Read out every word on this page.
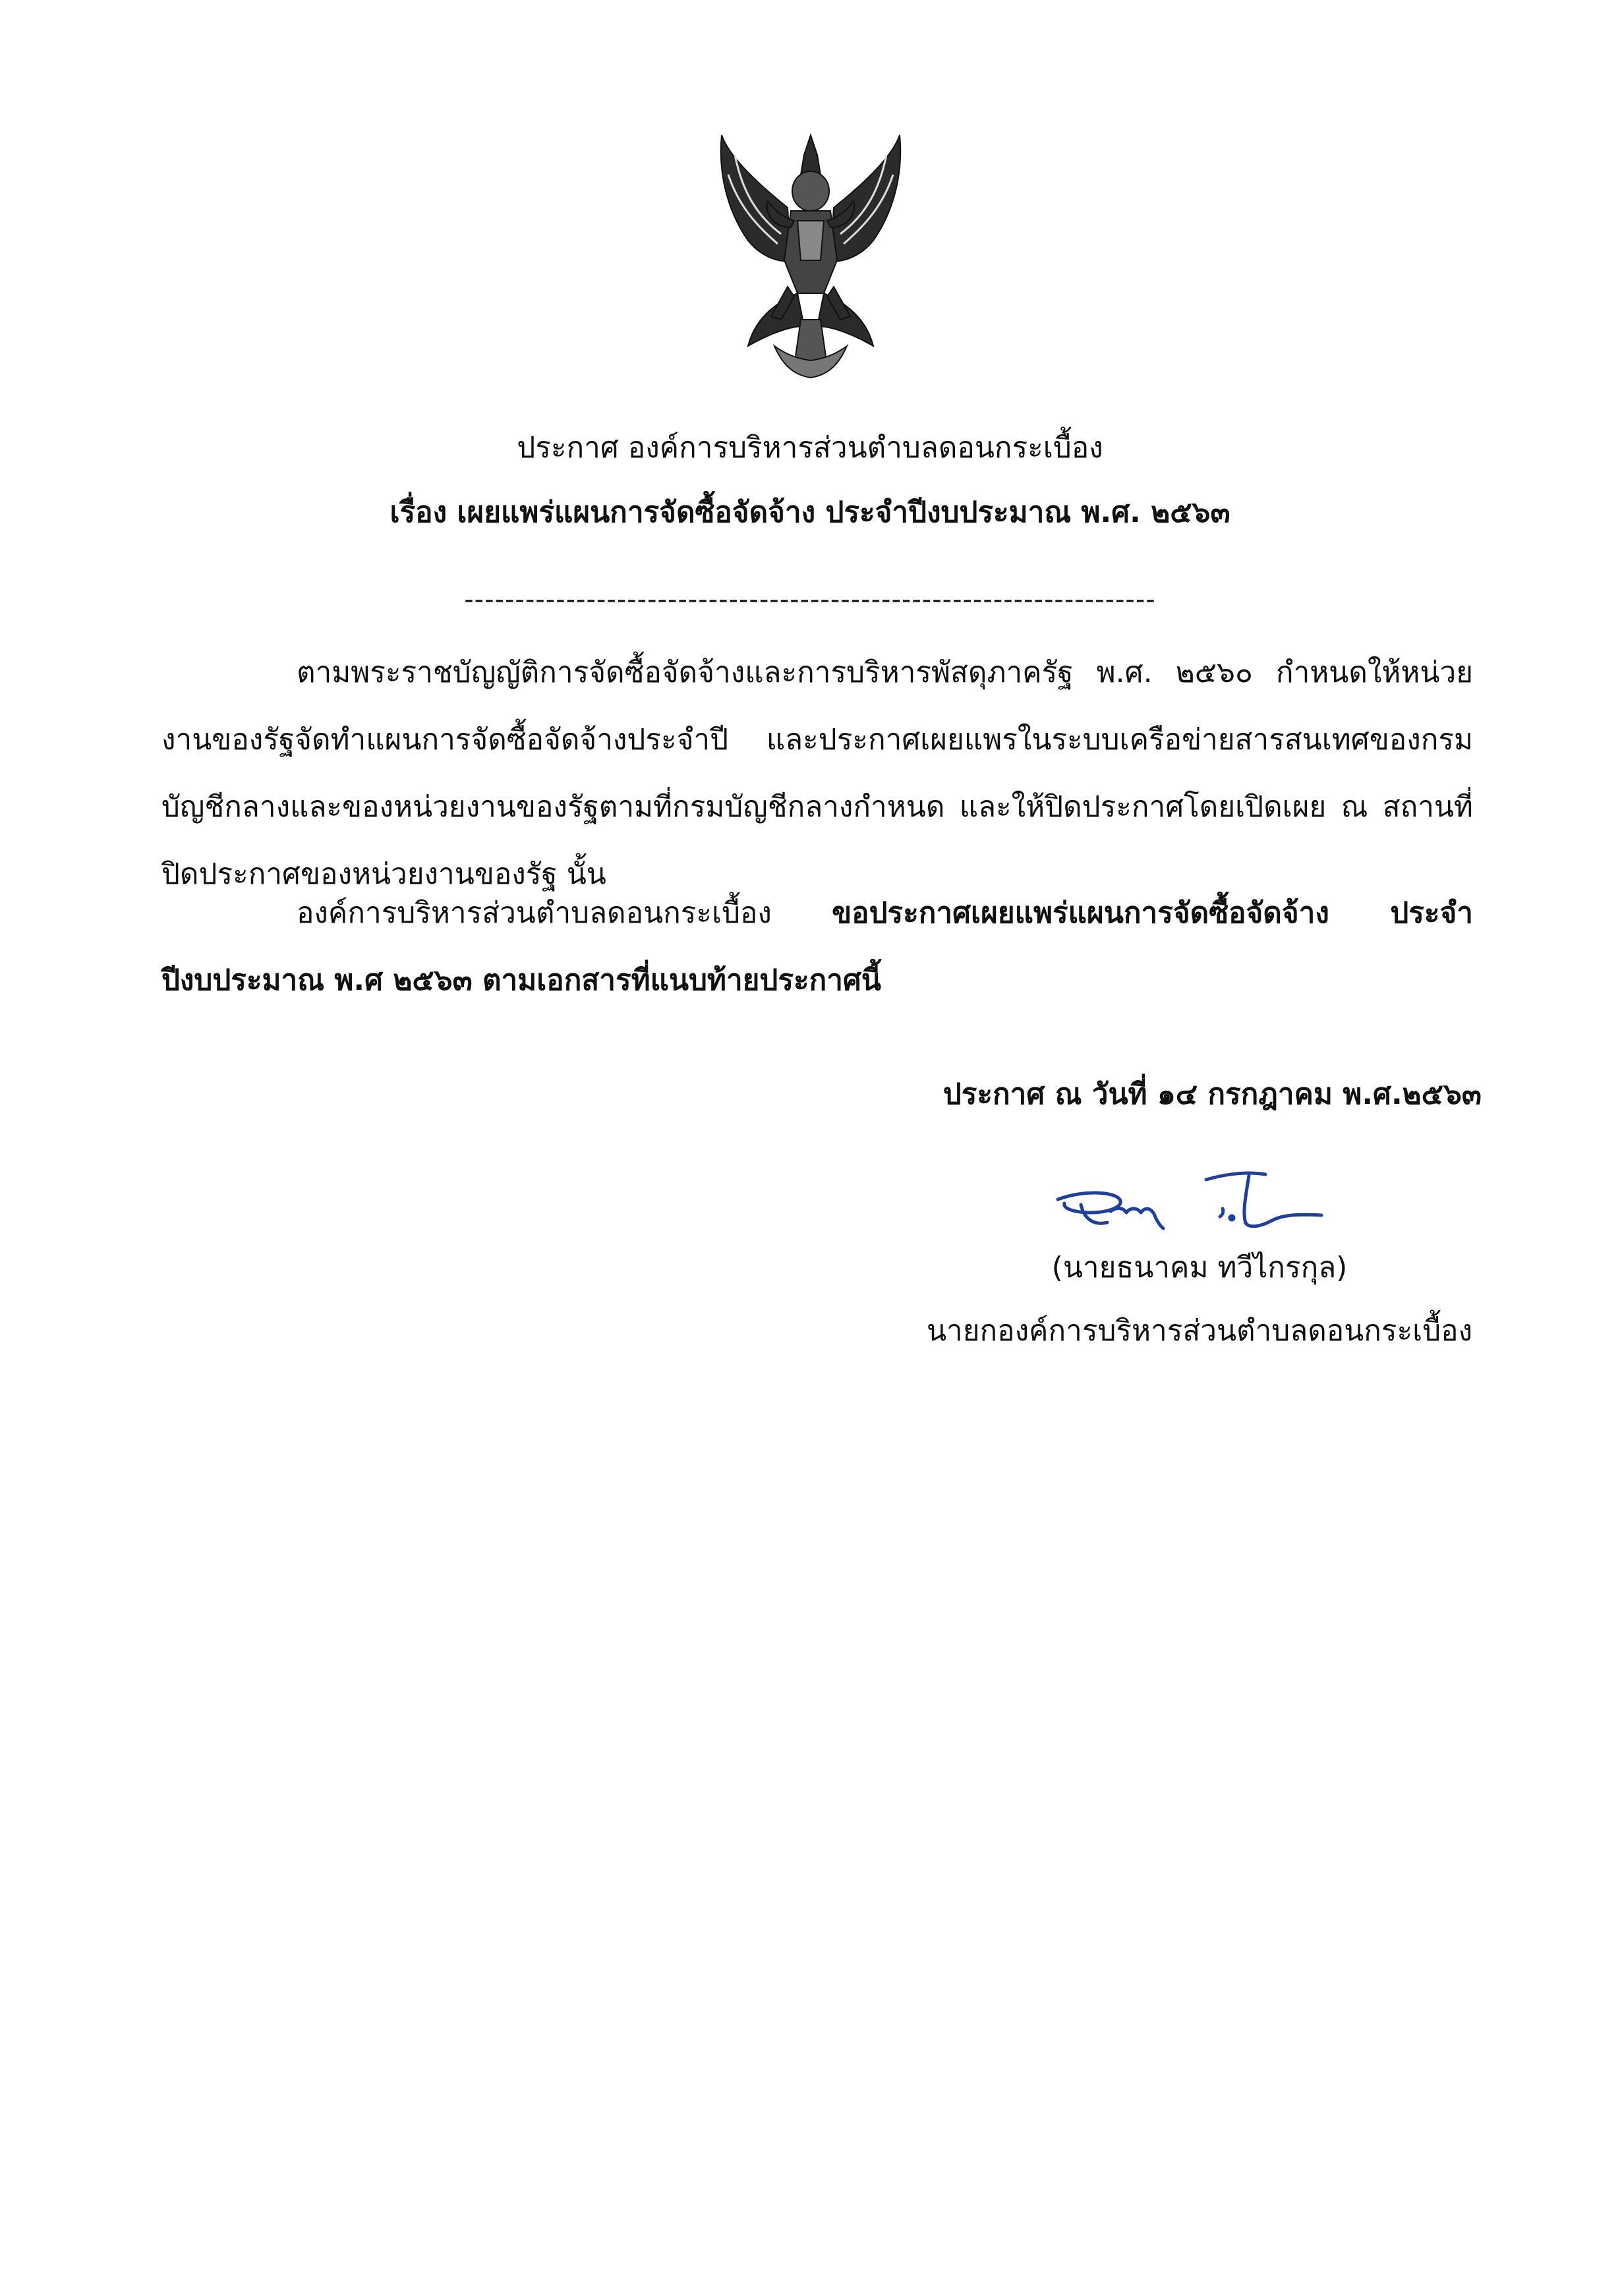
ประกาศ องค์การบริหารส่วนตำบลดอนกระเบื้อง
เรื่อง เผยแพร่แผนการจัดซื้อจัดจ้าง ประจำปีงบประมาณ พ.ศ. ๒๕๖๓
--------------------------------------------------------------------
ตามพระราชบัญญัติการจัดซื้อจัดจ้างและการบริหารพัสดุภาครัฐ พ.ศ. ๒๕๖๐ กำหนดให้หน่วยงานของรัฐจัดทำแผนการจัดซื้อจัดจ้างประจำปี และประกาศเผยแพรในระบบเครือข่ายสารสนเทศของกรมบัญชีกลางและของหน่วยงานของรัฐตามที่กรมบัญชีกลางกำหนด และให้ปิดประกาศโดยเปิดเผย ณ สถานที่ปิดประกาศของหน่วยงานของรัฐ นั้น
องค์การบริหารส่วนตำบลดอนกระเบื้อง ขอประกาศเผยแพร่แผนการจัดซื้อจัดจ้าง ประจำปีงบประมาณ พ.ศ ๒๕๖๓ ตามเอกสารที่แนบท้ายประกาศนี้
ประกาศ ณ วันที่ ๑๔ กรกฎาคม พ.ศ.๒๕๖๓
(นายธนาคม ทวีไกรกุล)
นายกองค์การบริหารส่วนตำบลดอนกระเบื้อง
